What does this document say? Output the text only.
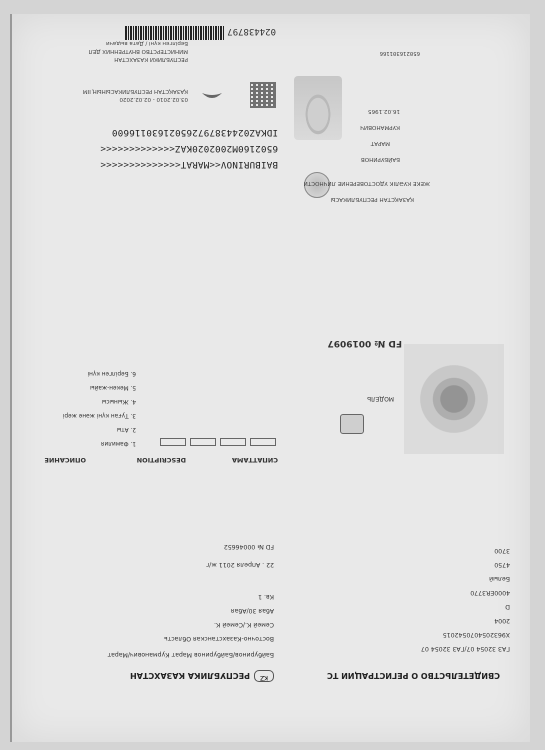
024438797
Берілген күні / Дата выдачи
МИНИСТЕРСТВО ВНУТРЕННИХ ДЕЛ
РЕСПУБЛИКИ КАЗАХСТАН
ҚАЗАҚСТАН РЕСПУБЛИКАСЫНЫҢ ІІМ
03.02.2010 - 02.02.2020
IDKAZ024438797265021630116600
6502160M2002020KAZ<<<<<<<<<<<<<
BAIBURINOV<<MARAT<<<<<<<<<<<<<<
ҚАЗАҚСТАН РЕСПУБЛИКАСЫ
ЖЕКЕ КУӘЛІК УДОСТОВЕРЕНИЕ ЛИЧНОСТИ
БАЙБУРИНОВ
МАРАТ
КУРМАНОВИЧ
16.02.1965
650216301166
СИПАТТАМА
DESCRIPTION
ОПИСАНИЕ
1. Фамилия
2. Аты
3. Туған күні және жері
4. Жынысы
5. Мекен-жайы
6. Берілген күні
МОДЕЛЬ
FD № 0019097
KZ
РЕСПУБЛИКА КАЗАХСТАН
Байбуринов/Байбуринов Марат Курманович/Марат
Восточно-Казахстанская Область
Семей К./Семей К.
Абая 30/Абая
Кв. 1
22 . Апреля 2011 ж/г
FD № 00046652
СВИДЕТЕЛЬСТВО О РЕГИСТРАЦИИ ТС
ГАЗ 32054 07/ГАЗ 32054 07
Х9632054070542015
2004
D
4000ER3770
Белый
4750
3700
